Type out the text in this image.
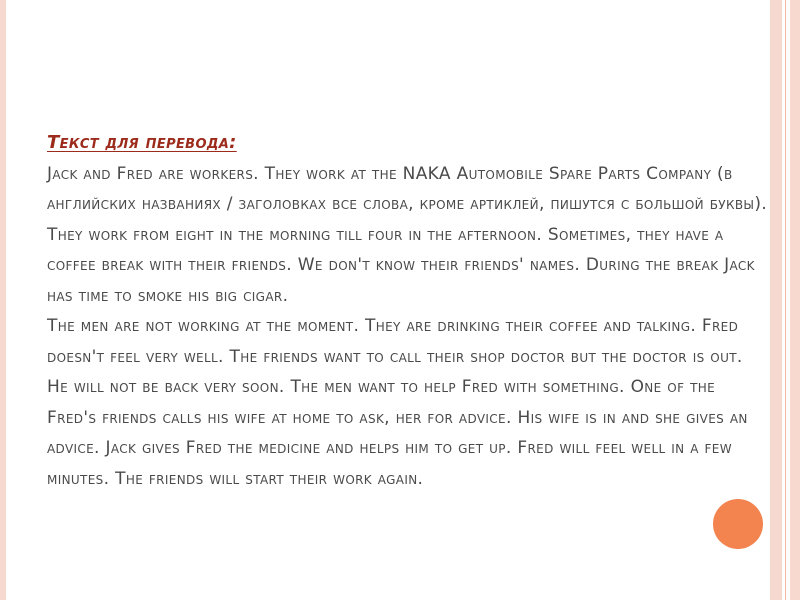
Текст для перевода:
Jack and Fred are workers. They work at the NAKA Automobile Spare Parts Company (в английских названиях / заголовках все слова, кроме артиклей, пишутся с большой буквы). They work from eight in the morning till four in the afternoon. Sometimes, they have a coffee break with their friends. We don't know their friends' names. During the break Jack has time to smoke his big cigar.
The men are not working at the moment. They are drinking their coffee and talking. Fred doesn't feel very well. The friends want to call their shop doctor but the doctor is out. He will not be back very soon. The men want to help Fred with something. One of the Fred's friends calls his wife at home to ask, her for advice. His wife is in and she gives an advice. Jack gives Fred the medicine and helps him to get up. Fred will feel well in a few minutes. The friends will start their work again.
